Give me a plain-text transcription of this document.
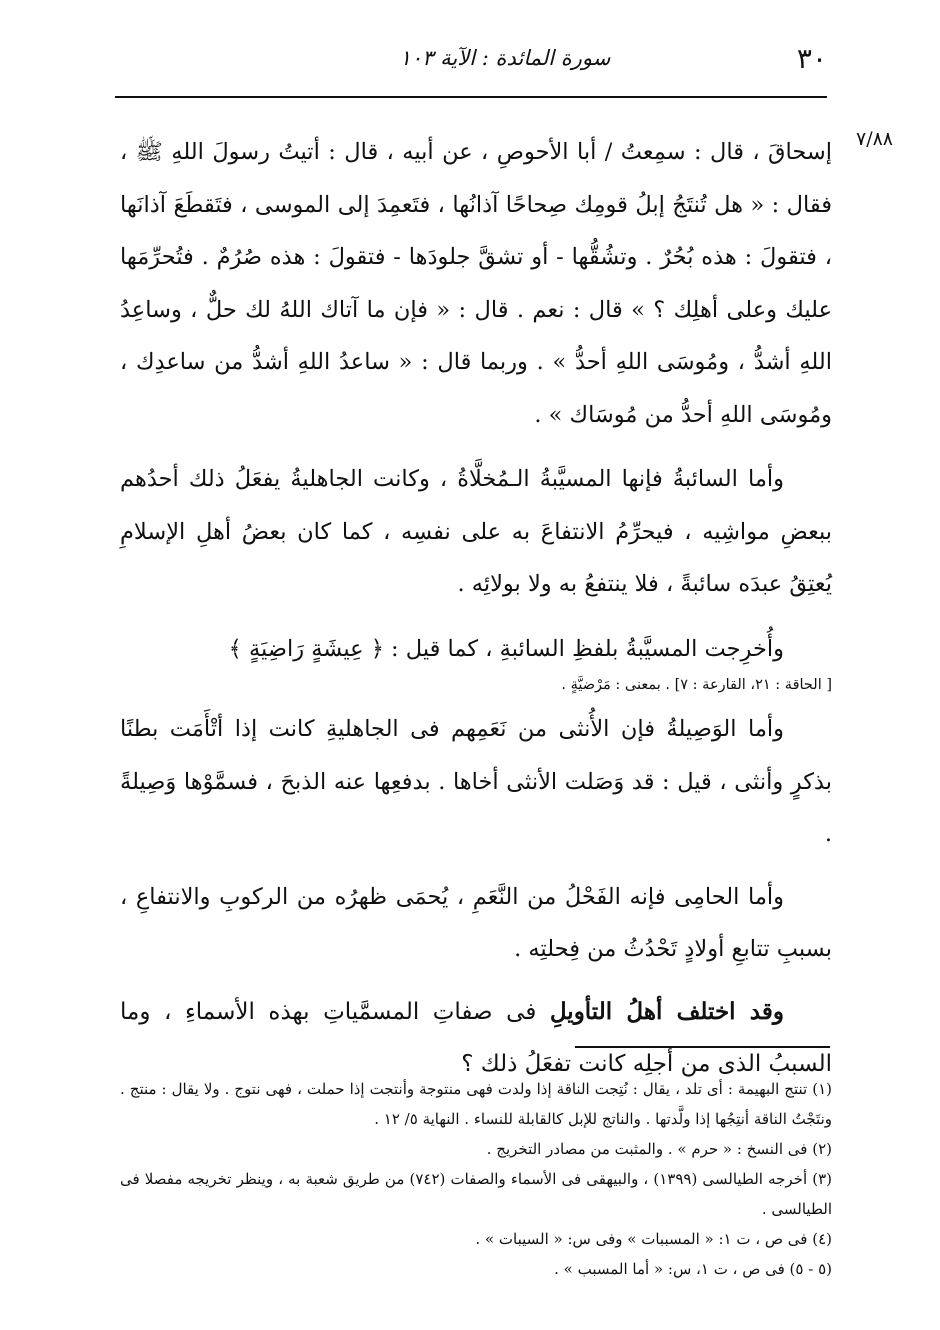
٣٠
سورة المائدة : الآية ١٠٣
٧/٨٨

إسحاقَ ، قال : سمِعتُ / أبا الأحوصِ ، عن أبيه ، قال : أتيتُ رسولَ اللهِ ﷺ ، فقال : « هل تُنتَجُ إبلُ قومِك صِحاحًا آذانُها ، فتَعمِدَ إلى الموسى ، فتَقطَعَ آذانَها ، فتقولَ : هذه بُحُرٌ . وتشُقُّها - أو تشقَّ جلودَها - فتقولَ : هذه صُرُمٌ . فتُحرِّمَها عليك وعلى أهلِك ؟ » قال : نعم . قال : « فإن ما آتاك اللهُ لك حلٌّ ، وساعِدُ اللهِ أشدُّ ، ومُوسَى اللهِ أحدُّ » . وربما قال : « ساعدُ اللهِ أشدُّ من ساعدِك ، ومُوسَى اللهِ أحدُّ من مُوسَاك » .

وأما السائبةُ فإنها المسيَّبةُ الـمُخلَّاةُ ، وكانت الجاهليةُ يفعَلُ ذلك أحدُهم ببعضِ مواشِيه ، فيحرِّمُ الانتفاعَ به على نفسِه ، كما كان بعضُ أهلِ الإسلامِ يُعتِقُ عبدَه سائبةً ، فلا ينتفعُ به ولا بولائِه .

وأُخرِجت المسيَّبةُ بلفظِ السائبةِ ، كما قيل : ﴿ عِيشَةٍ رَاضِيَةٍ ﴾

[ الحاقة : ٢١، القارعة : ٧] . بمعنى : مَرْضيَّةٍ .

وأما الوَصِيلةُ فإن الأُنثى من نَعَمِهم فى الجاهليةِ كانت إذا أتْأَمَت بطنًا بذكرٍ وأنثى ، قيل : قد وَصَلت الأنثى أخاها . بدفعِها عنه الذبحَ ، فسمَّوْها وَصِيلةً .

وأما الحامِى فإنه الفَحْلُ من النَّعَمِ ، يُحمَى ظهرُه من الركوبِ والانتفاعِ ، بسببِ تتابعِ أولادٍ تَحْدُثُ من فِحلتِه .

وقد اختلف أهلُ التأويلِ فى صفاتِ المسمَّياتِ بهذه الأسماءِ ، وما السببُ الذى من أجلِه كانت تفعَلُ ذلك ؟

(١) تنتج البهيمة : أى تلد ، يقال : نُتِجت الناقة إذا ولدت فهى منتوجة وأنتجت إذا حملت ، فهى نتوج . ولا يقال : منتج . ونتَجْتُ الناقة أنتِجُها إذا ولَّدتها . والناتج للإبل كالقابلة للنساء . النهاية ٥/ ١٢ .

(٢) فى النسخ : « حرم » . والمثبت من مصادر التخريج .

(٣) أخرجه الطيالسى (١٣٩٩) ، والبيهقى فى الأسماء والصفات (٧٤٢) من طريق شعبة به ، وينظر تخريجه مفصلا فى الطيالسى .

(٤) فى ص ، ت ١: « المسببات » وفى س: « السيبات » .

(٥ - ٥) فى ص ، ت ١، س: « أما المسبب » .
